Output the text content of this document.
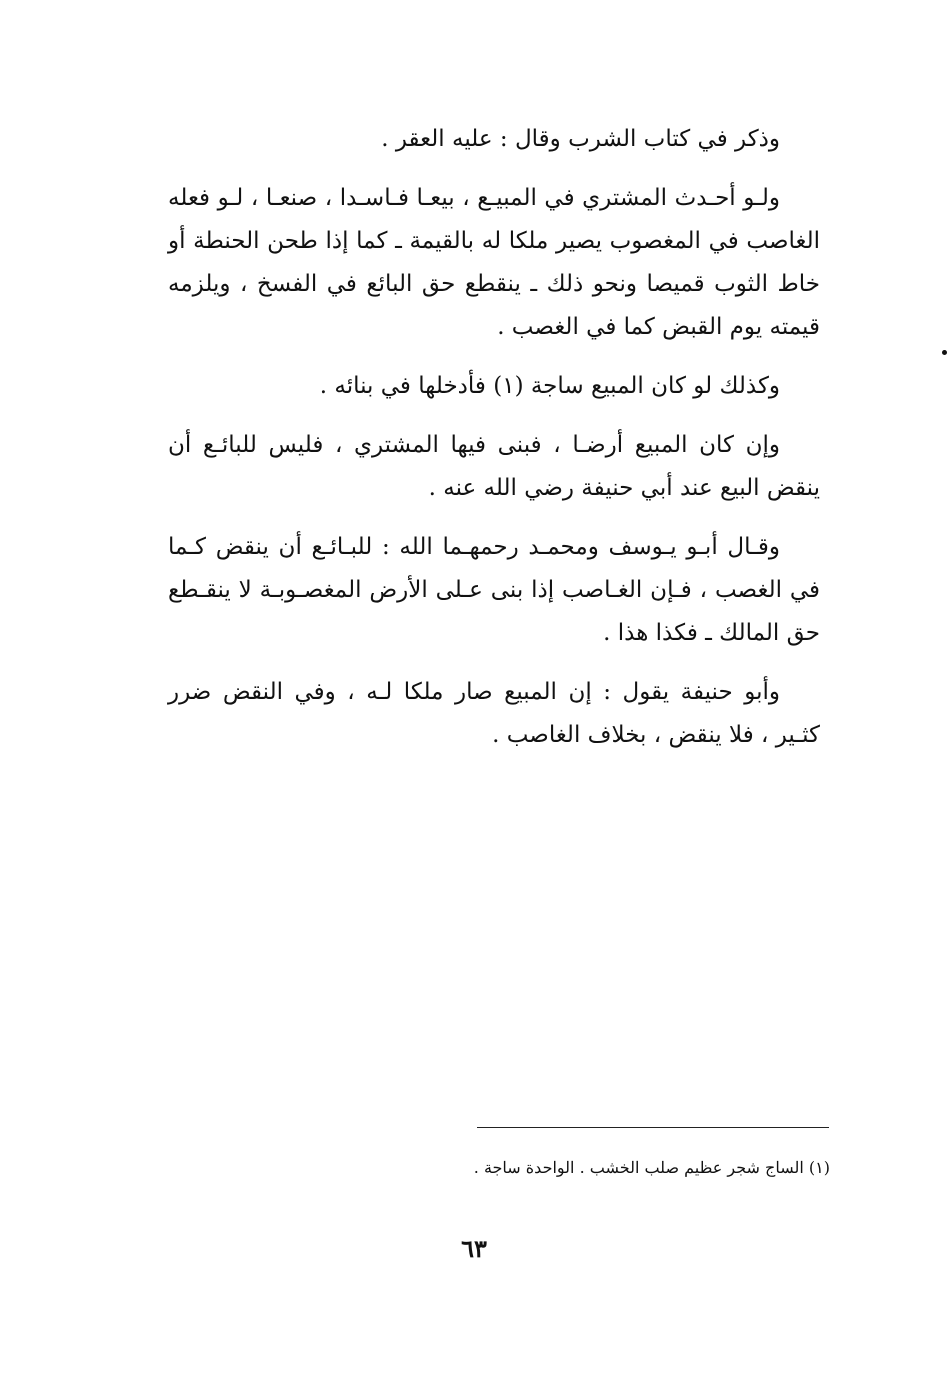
وذكر في كتاب الشرب وقال : عليه العقر .

ولـو أحـدث المشتري في المبيـع ، بيعـا فـاسـدا ، صنعـا ، لـو فعله الغاصب في المغصوب يصير ملكا له بالقيمة ـ كما إذا طحن الحنطة أو خاط الثوب قميصا ونحو ذلك ـ ينقطع حق البائع في الفسخ ، ويلزمه قيمته يوم القبض كما في الغصب .

وكذلك لو كان المبيع ساجة (١) فأدخلها في بنائه .

وإن كان المبيع أرضـا ، فبنى فيها المشتري ، فليس للبائـع أن ينقض البيع عند أبي حنيفة رضي الله عنه .

وقـال أبـو يـوسف ومحمـد رحمهـما الله : للبـائـع أن ينقض كـما في الغصب ، فـإن الغـاصب إذا بنى عـلى الأرض المغصـوبـة لا ينقـطع حق المالك ـ فكذا هذا .

وأبو حنيفة يقول : إن المبيع صار ملكا لـه ، وفي النقض ضرر كثـير ، فلا ينقض ، بخلاف الغاصب .

(١) الساج شجر عظيم صلب الخشب . الواحدة ساجة .
٦٣
